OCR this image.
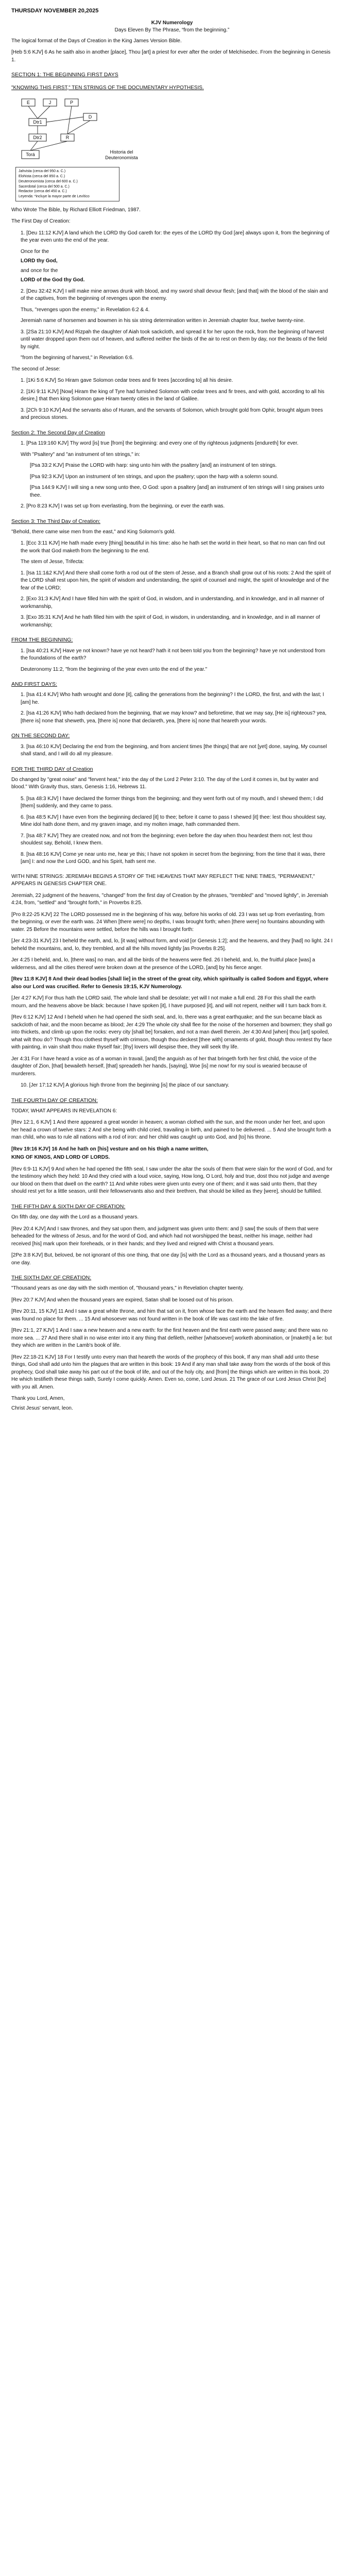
THURSDAY NOVEMBER 20,2025
KJV Numerology
Days Eleven By The Phrase, “from the beginning.”

The logical format of the Days of Creation in the King James Version Bible.

[Heb 5:6 KJV] 6 As he saith also in another [place], Thou [art] a priest for ever after the order of Melchisedec. From the beginning in Genesis 1.

SECTION 1: THE BEGINNING FIRST DAYS

"KNOWING THIS FIRST," TEN STRINGS OF THE DOCUMENTARY HYPOTHESIS.

E	J	P
D
Dtr1
Dtr2	R
Torá	Historia del
Deuteronomista
Jahvista (cerca del 950 a. C.)
Elohista (cerca del 850 a. C.)
Deuteronomista (cerca del 600 a. C.)
Sacerdotal (cerca del 500 a. C.)
Redactor (cerca del 450 a. C.)
Leyenda: *incluye la mayor parte de Levítico

Who Wrote The Bible, by Richard Elliott Friedman, 1987.

The First Day of Creation:

1. [Deu 11:12 KJV] A land which the LORD thy God careth for: the eyes of the LORD thy God [are] always upon it, from the beginning of the year even unto the end of the year.
Once for the
LORD thy God,
and once for the
LORD of the God thy God.
2. [Deu 32:42 KJV] I will make mine arrows drunk with blood, and my sword shall devour flesh; [and that] with the blood of the slain and of the captives, from the beginning of revenges upon the enemy.
Thus, "revenges upon the enemy," in Revelation 6:2 & 4.
Jeremiah name of horsemen and bowmen in his six string determination written in Jeremiah chapter four, twelve twenty-nine.
3. [2Sa 21:10 KJV] And Rizpah the daughter of Aiah took sackcloth, and spread it for her upon the rock, from the beginning of harvest until water dropped upon them out of heaven, and suffered neither the birds of the air to rest on them by day, nor the beasts of the field by night.
"from the beginning of harvest," in Revelation 6:6.

The second of Jesse:

1. [1Ki 5:6 KJV] So Hiram gave Solomon cedar trees and fir trees [according to] all his desire.
2. [1Ki 9:11 KJV] [Now] Hiram the king of Tyre had furnished Solomon with cedar trees and fir trees, and with gold, according to all his desire,] that then king Solomon gave Hiram twenty cities in the land of Galilee.
3. [2Ch 9:10 KJV] And the servants also of Huram, and the servants of Solomon, which brought gold from Ophir, brought algum trees and precious stones.
Section 2: The Second Day of Creation
1. [Psa 119:160 KJV] Thy word [is] true [from] the beginning: and every one of thy righteous judgments [endureth] for ever.
With "Psaltery" and "an instrument of ten strings," in:
[Psa 33:2 KJV] Praise the LORD with harp: sing unto him with the psaltery [and] an instrument of ten strings.
[Psa 92:3 KJV] Upon an instrument of ten strings, and upon the psaltery; upon the harp with a solemn sound.
[Psa 144:9 KJV] I will sing a new song unto thee, O God: upon a psaltery [and] an instrument of ten strings will I sing praises unto thee.
2. [Pro 8:23 KJV] I was set up from everlasting, from the beginning, or ever the earth was.
Section 3: The Third Day of Creation:

"Behold, there came wise men from the east," and King Solomon's gold.

1. [Ecc 3:11 KJV] He hath made every [thing] beautiful in his time: also he hath set the world in their heart, so that no man can find out the work that God maketh from the beginning to the end.
The stem of Jesse, Trifecta:
1. [Isa 11:1&2 KJV] And there shall come forth a rod out of the stem of Jesse, and a Branch shall grow out of his roots: 2 And the spirit of the LORD shall rest upon him, the spirit of wisdom and understanding, the spirit of counsel and might, the spirit of knowledge and of the fear of the LORD;
2. [Exo 31:3 KJV] And I have filled him with the spirit of God, in wisdom, and in understanding, and in knowledge, and in all manner of workmanship,
3. [Exo 35:31 KJV] And he hath filled him with the spirit of God, in wisdom, in understanding, and in knowledge, and in all manner of workmanship;
FROM THE BEGINNING:
1. [Isa 40:21 KJV] Have ye not known? have ye not heard? hath it not been told you from the beginning? have ye not understood from the foundations of the earth?
Deuteronomy 11:2, "from the beginning of the year even unto the end of the year."
AND FIRST DAYS:
1. [Isa 41:4 KJV] Who hath wrought and done [it], calling the generations from the beginning? I the LORD, the first, and with the last; I [am] he.
2. [Isa 41:26 KJV] Who hath declared from the beginning, that we may know? and beforetime, that we may say, [He is] righteous? yea, [there is] none that sheweth, yea, [there is] none that declareth, yea, [there is] none that heareth your words.
ON THE SECOND DAY:
3. [Isa 46:10 KJV] Declaring the end from the beginning, and from ancient times [the things] that are not [yet] done, saying, My counsel shall stand, and I will do all my pleasure.
FOR THE THIRD DAY of Creation

Do changed by "great noise" and "fervent heat," into the day of the Lord 2 Peter 3:10. The day of the Lord it comes in, but by water and blood." With Gravity thus, stars, Genesis 1:16, Hebrews 11.

5. [Isa 48:3 KJV] I have declared the former things from the beginning; and they went forth out of my mouth, and I shewed them; I did [them] suddenly, and they came to pass.
6. [Isa 48:5 KJV] I have even from the beginning declared [it] to thee; before it came to pass I shewed [it] thee: lest thou shouldest say, Mine idol hath done them, and my graven image, and my molten image, hath commanded them.
7. [Isa 48:7 KJV] They are created now, and not from the beginning; even before the day when thou heardest them not; lest thou shouldest say, Behold, I knew them.
8. [Isa 48:16 KJV] Come ye near unto me, hear ye this; I have not spoken in secret from the beginning; from the time that it was, there [am] I: and now the Lord GOD, and his Spirit, hath sent me.

WITH NINE STRINGS: JEREMIAH BEGINS A STORY OF THE HEAVENS THAT MAY REFLECT THE NINE TIMES, "PERMANENT," APPEARS IN GENESIS CHAPTER ONE.

Jeremiah, 22 judgment of the heavens, "changed" from the first day of Creation by the phrases, "trembled" and "moved lightly", in Jeremiah 4:24, from, "settled" and "brought forth," in Proverbs 8:25.

[Pro 8:22-25 KJV] 22 The LORD possessed me in the beginning of his way, before his works of old. 23 I was set up from everlasting, from the beginning, or ever the earth was. 24 When [there were] no depths, I was brought forth; when [there were] no fountains abounding with water. 25 Before the mountains were settled, before the hills was I brought forth:

[Jer 4:23-31 KJV] 23 I beheld the earth, and, lo, [it was] without form, and void [or Genesis 1:2]; and the heavens, and they [had] no light. 24 I beheld the mountains, and, lo, they trembled, and all the hills moved lightly [as Proverbs 8:25].

Jer 4:25 I beheld, and, lo, [there was] no man, and all the birds of the heavens were fled. 26 I beheld, and, lo, the fruitful place [was] a wilderness, and all the cities thereof were broken down at the presence of the LORD, [and] by his fierce anger.

[Rev 11:8 KJV] 8 And their dead bodies [shall lie] in the street of the great city, which spiritually is called Sodom and Egypt, where also our Lord was crucified. Refer to Genesis 19:15, KJV Numerology.

[Jer 4:27 KJV] For thus hath the LORD said, The whole land shall be desolate; yet will I not make a full end. 28 For this shall the earth mourn, and the heavens above be black: because I have spoken [it], I have purposed [it], and will not repent, neither will I turn back from it.

[Rev 6:12 KJV] 12 And I beheld when he had opened the sixth seal, and, lo, there was a great earthquake; and the sun became black as sackcloth of hair, and the moon became as blood; Jer 4:29 The whole city shall flee for the noise of the horsemen and bowmen; they shall go into thickets, and climb up upon the rocks: every city [shall be] forsaken, and not a man dwell therein. Jer 4:30 And [when] thou [art] spoiled, what wilt thou do? Though thou clothest thyself with crimson, though thou deckest [thee with] ornaments of gold, though thou rentest thy face with painting, in vain shalt thou make thyself fair; [thy] lovers will despise thee, they will seek thy life.

Jer 4:31 For I have heard a voice as of a woman in travail, [and] the anguish as of her that bringeth forth her first child, the voice of the daughter of Zion, [that] bewaileth herself, [that] spreadeth her hands, [saying], Woe [is] me now! for my soul is wearied because of murderers.

10. [Jer 17:12 KJV] A glorious high throne from the beginning [is] the place of our sanctuary.

THE FOURTH DAY OF CREATION:

TODAY, WHAT APPEARS IN REVELATION 6:

[Rev 12:1, 6 KJV] 1 And there appeared a great wonder in heaven; a woman clothed with the sun, and the moon under her feet, and upon her head a crown of twelve stars: 2 And she being with child cried, travailing in birth, and pained to be delivered. ... 5 And she brought forth a man child, who was to rule all nations with a rod of iron: and her child was caught up unto God, and [to] his throne.

[Rev 19:16 KJV] 16 And he hath on [his] vesture and on his thigh a name written,

KING OF KINGS, AND LORD OF LORDS.

[Rev 6:9-11 KJV] 9 And when he had opened the fifth seal, I saw under the altar the souls of them that were slain for the word of God, and for the testimony which they held: 10 And they cried with a loud voice, saying, How long, O Lord, holy and true, dost thou not judge and avenge our blood on them that dwell on the earth? 11 And white robes were given unto every one of them; and it was said unto them, that they should rest yet for a little season, until their fellowservants also and their brethren, that should be killed as they [were], should be fulfilled.

THE FIFTH DAY & SIXTH DAY OF CREATION:

On fifth day, one day with the Lord as a thousand years.

[Rev 20:4 KJV] And I saw thrones, and they sat upon them, and judgment was given unto them: and [I saw] the souls of them that were beheaded for the witness of Jesus, and for the word of God, and which had not worshipped the beast, neither his image, neither had received [his] mark upon their foreheads, or in their hands; and they lived and reigned with Christ a thousand years.

[2Pe 3:8 KJV] But, beloved, be not ignorant of this one thing, that one day [is] with the Lord as a thousand years, and a thousand years as one day.

THE SIXTH DAY OF CREATION:

"Thousand years as one day with the sixth mention of, "thousand years," in Revelation chapter twenty.

[Rev 20:7 KJV] And when the thousand years are expired, Satan shall be loosed out of his prison.

[Rev 20:11, 15 KJV] 11 And I saw a great white throne, and him that sat on it, from whose face the earth and the heaven fled away; and there was found no place for them. ... 15 And whosoever was not found written in the book of life was cast into the lake of fire.

[Rev 21:1, 27 KJV] 1 And I saw a new heaven and a new earth: for the first heaven and the first earth were passed away; and there was no more sea. ... 27 And there shall in no wise enter into it any thing that defileth, neither [whatsoever] worketh abomination, or [maketh] a lie: but they which are written in the Lamb's book of life.

[Rev 22:18-21 KJV] 18 For I testify unto every man that heareth the words of the prophecy of this book, If any man shall add unto these things, God shall add unto him the plagues that are written in this book: 19 And if any man shall take away from the words of the book of this prophecy, God shall take away his part out of the book of life, and out of the holy city, and [from] the things which are written in this book. 20 He which testifieth these things saith, Surely I come quickly. Amen. Even so, come, Lord Jesus. 21 The grace of our Lord Jesus Christ [be] with you all. Amen.

Thank you Lord, Amen,
Christ Jesus' servant, leon.
